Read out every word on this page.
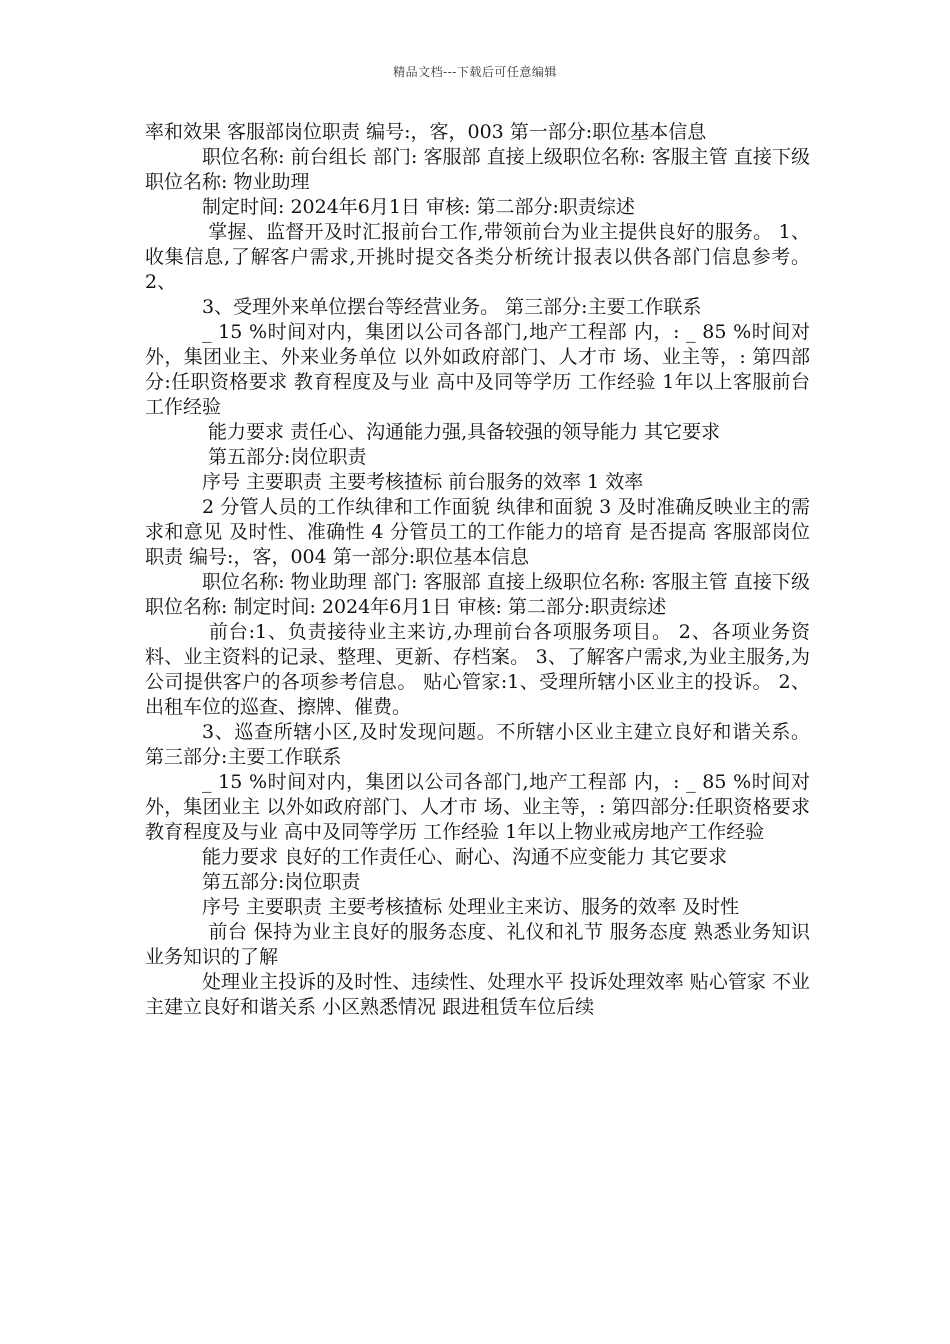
精品文档---下载后可任意编辑

率和效果 客服部岗位职责 编号:，客，003 第一部分:职位基本信息

职位名称: 前台组长 部门: 客服部 直接上级职位名称: 客服主管 直接下级职位名称: 物业助理

制定时间: 2024年6月1日 审核: 第二部分:职责综述

掌握、监督开及时汇报前台工作,带领前台为业主提供良好的服务。 1、收集信息,了解客户需求,开挑时提交各类分析统计报表以供各部门信息参考。 2、

3、受理外来单位摆台等经营业务。 第三部分:主要工作联系

_ 15 %时间对内，集团以公司各部门,地产工程部 内，: _ 85 %时间对外，集团业主、外来业务单位 以外如政府部门、人才市 场、业主等，: 第四部分:任职资格要求 教育程度及与业 高中及同等学历 工作经验 1年以上客服前台工作经验

能力要求 责任心、沟通能力强,具备较强的领导能力 其它要求

第五部分:岗位职责

序号 主要职责 主要考核揸标 前台服务的效率 1 效率

2 分管人员的工作纨律和工作面貌 纨律和面貌 3 及时准确反映业主的需求和意见 及时性、准确性 4 分管员工的工作能力的培育 是否提高 客服部岗位职责 编号:，客，004 第一部分:职位基本信息

职位名称: 物业助理 部门: 客服部 直接上级职位名称: 客服主管 直接下级职位名称: 制定时间: 2024年6月1日 审核: 第二部分:职责综述

前台:1、负责接待业主来访,办理前台各项服务项目。 2、各项业务资料、业主资料的记录、整理、更新、存档案。 3、了解客户需求,为业主服务,为公司提供客户的各项参考信息。 贴心管家:1、受理所辖小区业主的投诉。 2、出租车位的巡查、擦牌、催费。

3、巡查所辖小区,及时发现问题。不所辖小区业主建立良好和谐关系。 第三部分:主要工作联系

_ 15 %时间对内，集团以公司各部门,地产工程部 内，: _ 85 %时间对外，集团业主 以外如政府部门、人才市 场、业主等，: 第四部分:任职资格要求 教育程度及与业 高中及同等学历 工作经验 1年以上物业戒房地产工作经验

能力要求 良好的工作责任心、耐心、沟通不应变能力 其它要求

第五部分:岗位职责

序号 主要职责 主要考核揸标 处理业主来访、服务的效率 及时性

前台 保持为业主良好的服务态度、礼仪和礼节 服务态度 熟悉业务知识 业务知识的了解

处理业主投诉的及时性、违续性、处理水平 投诉处理效率 贴心管家 不业主建立良好和谐关系 小区熟悉情况 跟进租赁车位后续
